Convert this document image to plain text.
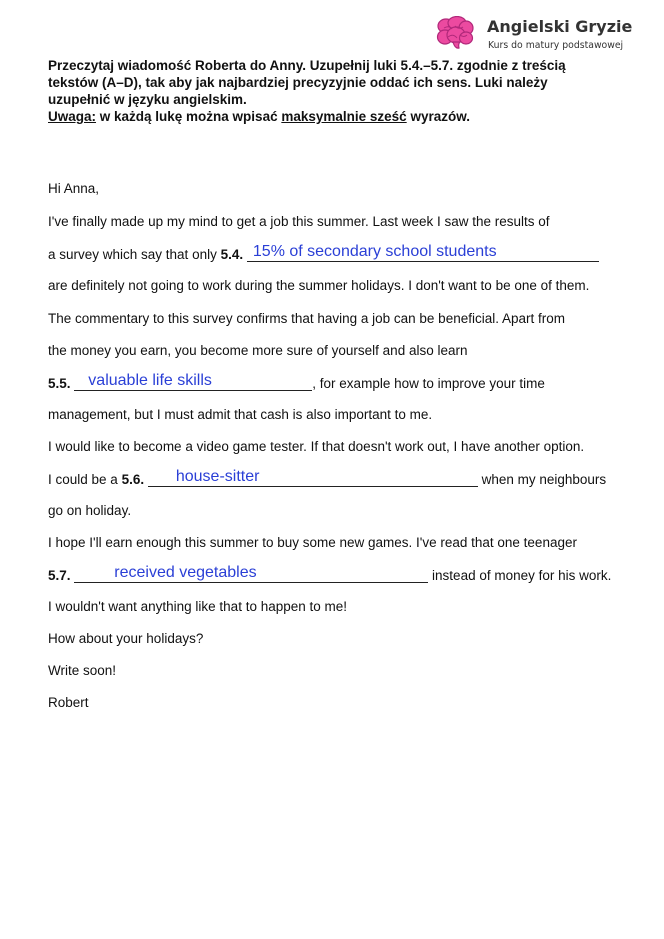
Angielski Gryzie
Kurs do matury podstawowej

Przeczytaj wiadomość Roberta do Anny. Uzupełnij luki 5.4.–5.7. zgodnie z treścią

tekstów (A–D), tak aby jak najbardziej precyzyjnie oddać ich sens. Luki należy

uzupełnić w języku angielskim.

Uwaga: w każdą lukę można wpisać maksymalnie sześć wyrazów.

Hi Anna,
I've finally made up my mind to get a job this summer. Last week I saw the results of
a survey which say that only 5.4. 15% of secondary school students
are definitely not going to work during the summer holidays. I don't want to be one of them.
The commentary to this survey confirms that having a job can be beneficial. Apart from
the money you earn, you become more sure of yourself and also learn
5.5. valuable life skills	, for example how to improve your time
management, but I must admit that cash is also important to me.
I would like to become a video game tester. If that doesn't work out, I have another option.
I could be a 5.6. house-sitter	when my neighbours
go on holiday.
I hope I'll earn enough this summer to buy some new games. I've read that one teenager
5.7.	received vegetables	instead of money for his work.
I wouldn't want anything like that to happen to me!
How about your holidays?
Write soon!
Robert
